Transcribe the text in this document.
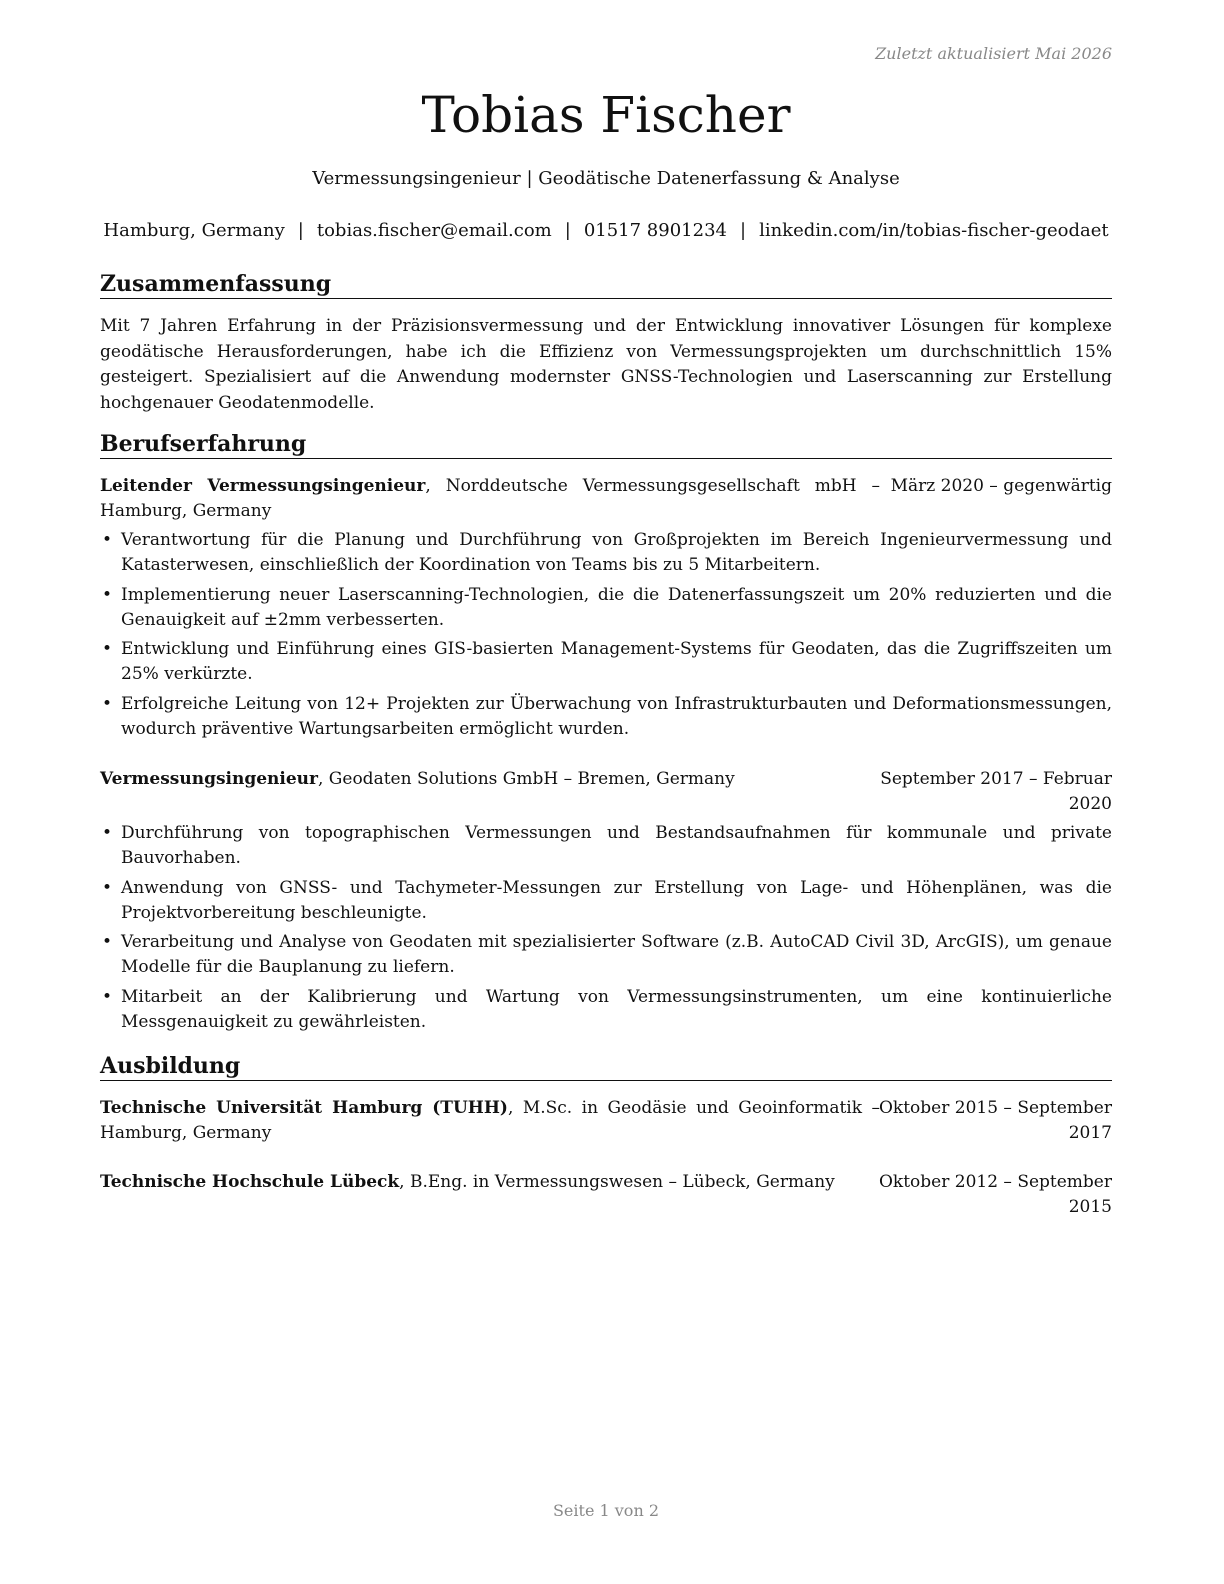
Zuletzt aktualisiert Mai 2026
Tobias Fischer
Vermessungsingenieur | Geodätische Datenerfassung & Analyse
Hamburg, Germany | tobias.fischer@email.com | 01517 8901234 | linkedin.com/in/tobias-fischer-geodaet
Zusammenfassung
Mit 7 Jahren Erfahrung in der Präzisionsvermessung und der Entwicklung innovativer Lösungen für komplexe geodätische Herausforderungen, habe ich die Effizienz von Vermessungsprojekten um durchschnittlich 15% gesteigert. Spezialisiert auf die Anwendung modernster GNSS-Technologien und Laserscanning zur Erstellung hochgenauer Geodatenmodelle.
Berufserfahrung
Leitender Vermessungsingenieur, Norddeutsche Vermessungsgesellschaft mbH – Hamburg, Germany
März 2020 – gegenwärtig
• Verantwortung für die Planung und Durchführung von Großprojekten im Bereich Ingenieurvermessung und Katasterwesen, einschließlich der Koordination von Teams bis zu 5 Mitarbeitern.
• Implementierung neuer Laserscanning-Technologien, die die Datenerfassungszeit um 20% reduzierten und die Genauigkeit auf ±2mm verbesserten.
• Entwicklung und Einführung eines GIS-basierten Management-Systems für Geodaten, das die Zugriffszeiten um 25% verkürzte.
• Erfolgreiche Leitung von 12+ Projekten zur Überwachung von Infrastrukturbauten und Deformationsmessungen, wodurch präventive Wartungsarbeiten ermöglicht wurden.
Vermessungsingenieur, Geodaten Solutions GmbH – Bremen, Germany	September 2017 – Februar 2020
• Durchführung von topographischen Vermessungen und Bestandsaufnahmen für kommunale und private Bauvorhaben.
• Anwendung von GNSS- und Tachymeter-Messungen zur Erstellung von Lage- und Höhenplänen, was die Projektvorbereitung beschleunigte.
• Verarbeitung und Analyse von Geodaten mit spezialisierter Software (z.B. AutoCAD Civil 3D, ArcGIS), um genaue Modelle für die Bauplanung zu liefern.
• Mitarbeit an der Kalibrierung und Wartung von Vermessungsinstrumenten, um eine kontinuierliche Messgenauigkeit zu gewährleisten.
Ausbildung
Technische Universität Hamburg (TUHH), M.Sc. in Geodäsie und Geoinformatik – Hamburg, Germany
Oktober 2015 – September 2017
Technische Hochschule Lübeck, B.Eng. in Vermessungswesen – Lübeck, Germany	Oktober 2012 – September 2015
Seite 1 von 2
